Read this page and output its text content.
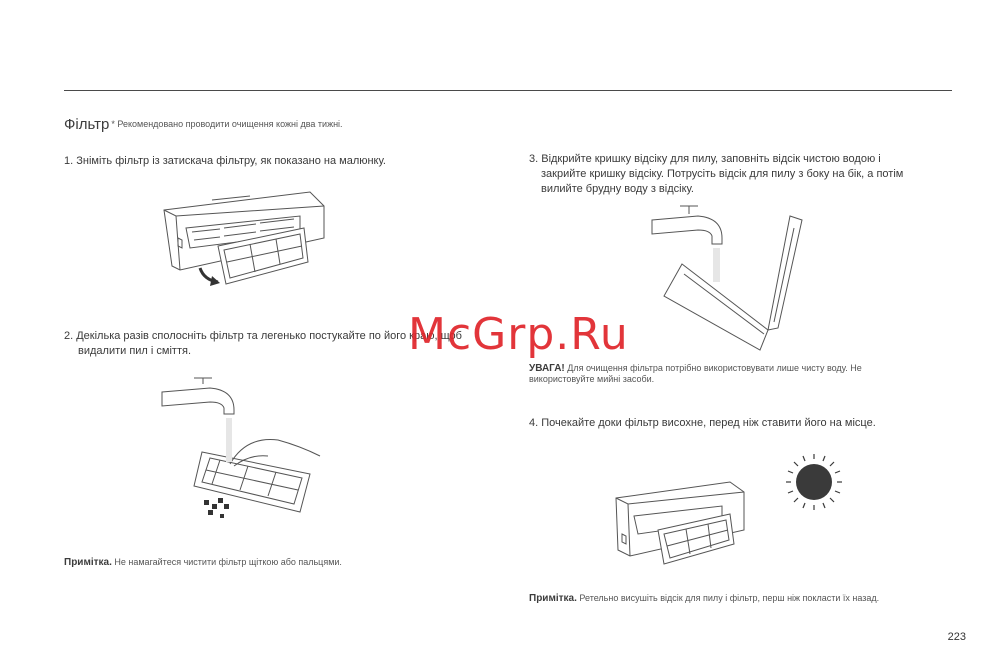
Фільтр * Рекомендовано проводити очищення кожні два тижні.
1. Зніміть фільтр із затискача фільтру, як показано на малюнку.
2. Декілька разів сполосніть фільтр та легенько постукайте по його краю, щоб
видалити пил і сміття.
Примітка. Не намагайтеся чистити фільтр щіткою або пальцями.
3. Відкрийте кришку відсіку для пилу, заповніть відсік чистою водою і
закрийте кришку відсіку. Потрусіть відсік для пилу з боку на бік, а потім
вилийте брудну воду з відсіку.
УВАГА! Для очищення фільтра потрібно використовувати лише чисту воду. Не
використовуйте мийні засоби.
4. Почекайте доки фільтр висохне, перед ніж ставити його на місце.
Примітка. Ретельно висушіть відсік для пилу і фільтр, перш ніж покласти їх назад.
McGrp.Ru
223
